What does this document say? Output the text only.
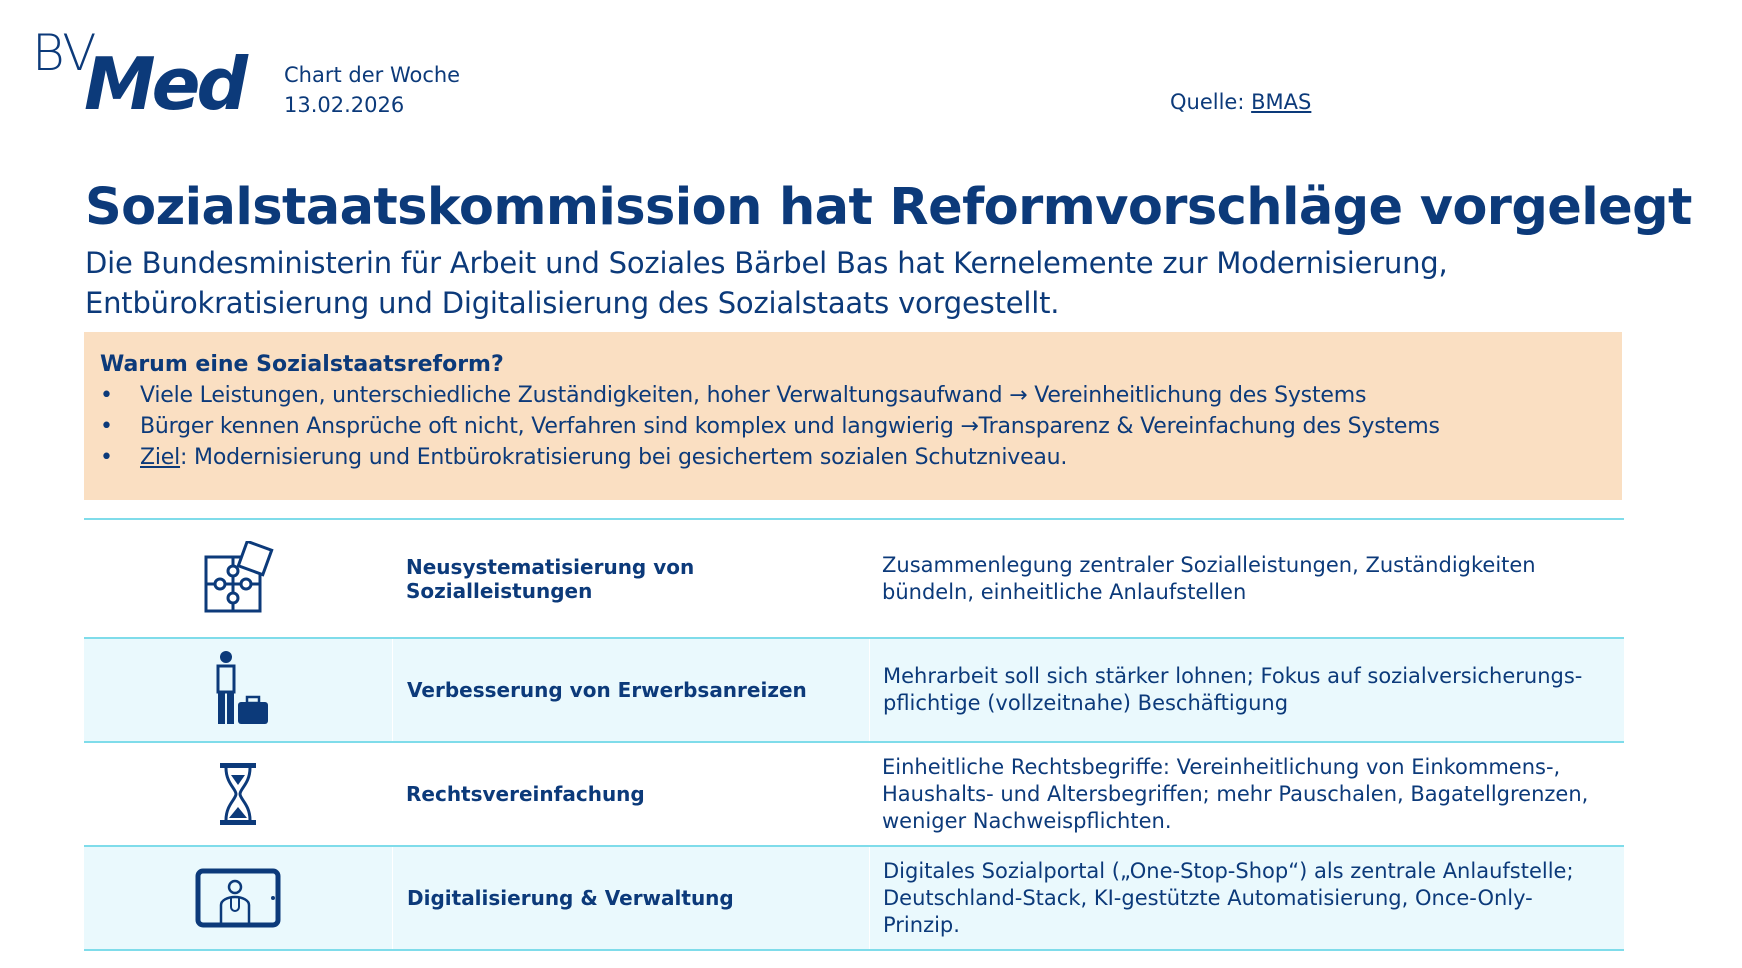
BV
Med Chart der Woche
13.02.2026	Quelle: BMAS
Sozialstaatskommission hat Reformvorschläge vorgelegt
Die Bundesministerin für Arbeit und Soziales Bärbel Bas hat Kernelemente zur Modernisierung, Entbürokratisierung und Digitalisierung des Sozialstaats vorgestellt.
Warum eine Sozialstaatsreform?
• Viele Leistungen, unterschiedliche Zuständigkeiten, hoher Verwaltungsaufwand → Vereinheitlichung des Systems
• Bürger kennen Ansprüche oft nicht, Verfahren sind komplex und langwierig →Transparenz & Vereinfachung des Systems
• Ziel: Modernisierung und Entbürokratisierung bei gesichertem sozialen Schutzniveau.
Neusystematisierung von Sozialleistungen
Zusammenlegung zentraler Sozialleistungen, Zuständigkeiten bündeln, einheitliche Anlaufstellen
Verbesserung von Erwerbsanreizen
Mehrarbeit soll sich stärker lohnen; Fokus auf sozialversicherungs-pflichtige (vollzeitnahe) Beschäftigung
Rechtsvereinfachung
Einheitliche Rechtsbegriffe: Vereinheitlichung von Einkommens-, Haushalts- und Altersbegriffen; mehr Pauschalen, Bagatellgrenzen, weniger Nachweispflichten.
Digitalisierung & Verwaltung
Digitales Sozialportal („One-Stop-Shop“) als zentrale Anlaufstelle; Deutschland-Stack, KI-gestützte Automatisierung, Once-Only-Prinzip.
